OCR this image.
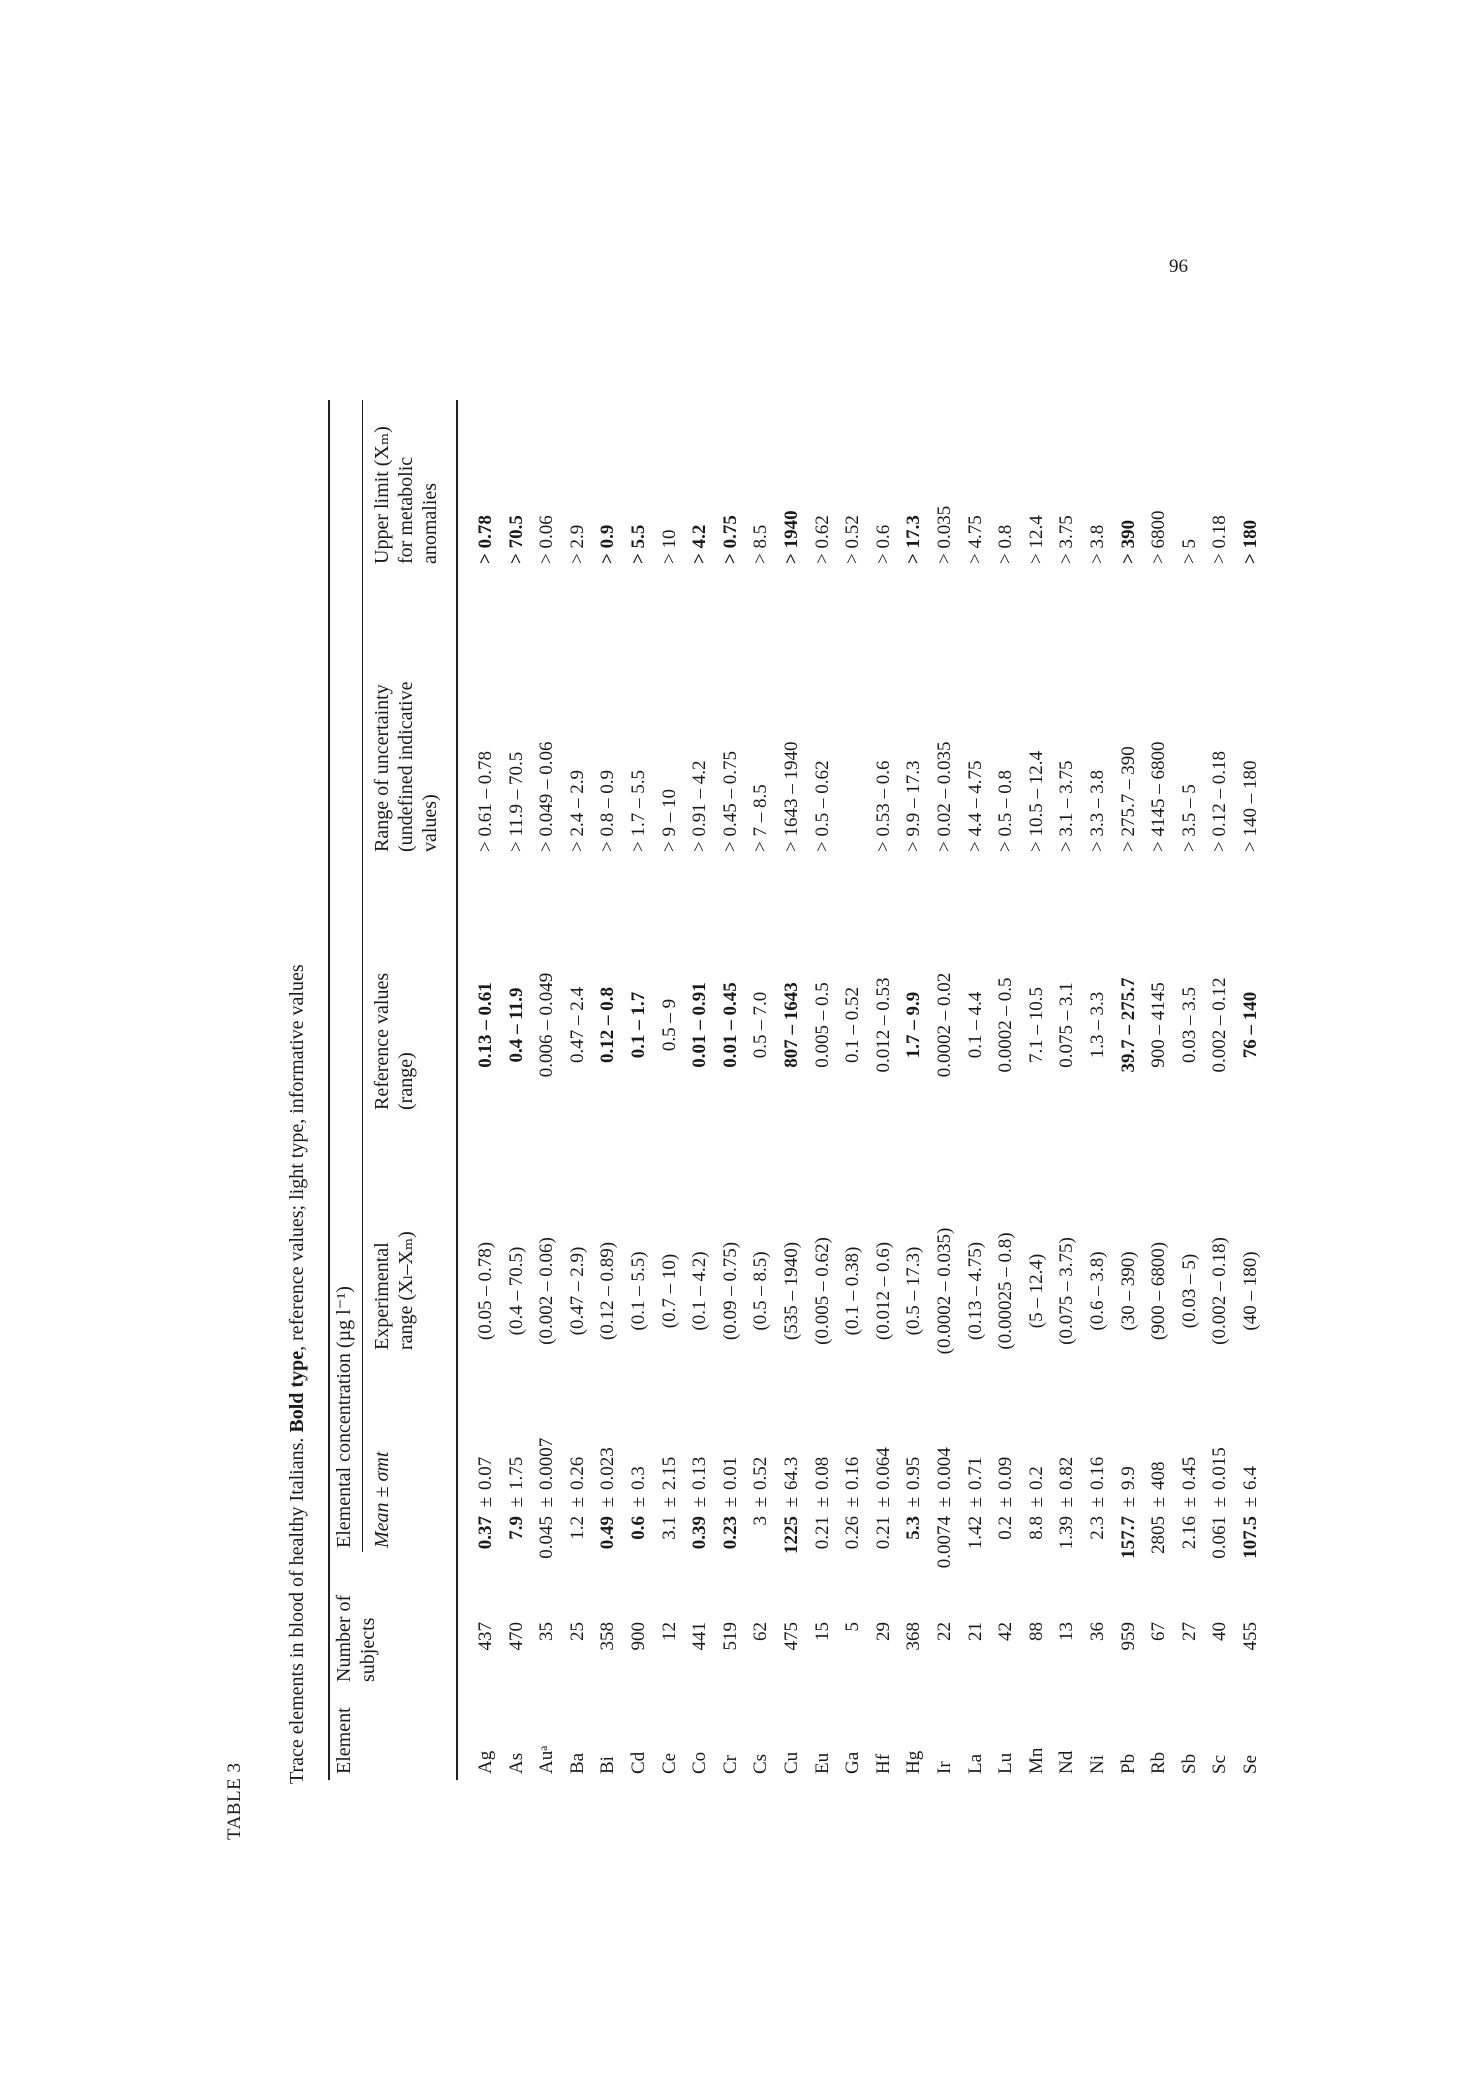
96
TABLE 3
Trace elements in blood of healthy Italians. Bold type, reference values; light type, informative values
Element
Number of subjects
Elemental concentration (µg l⁻¹) Mean ± σmt
Experimental range (Xₗ–Xₘ)
Reference values (range)
Range of uncertainty (undefined indicative values)
Upper limit (Xₘ) for metabolic anomalies
Ag
437
0.37
±
0.07
(0.05 – 0.78)
0.13 – 0.61
> 0.61 – 0.78
> 0.78
As
470
7.9
±
1.75
(0.4 – 70.5)
0.4 – 11.9
> 11.9 – 70.5
> 70.5
Auᵃ
35
0.045
±
0.0007
(0.002 – 0.06)
0.006 – 0.049
> 0.049 – 0.06
> 0.06
Ba
25
1.2
±
0.26
(0.47 – 2.9)
0.47 – 2.4
> 2.4 – 2.9
> 2.9
Bi
358
0.49
±
0.023
(0.12 – 0.89)
0.12 – 0.8
> 0.8 – 0.9
> 0.9
Cd
900
0.6
±
0.3
(0.1 – 5.5)
0.1 – 1.7
> 1.7 – 5.5
> 5.5
Ce
12
3.1
±
2.15
(0.7 – 10)
0.5 – 9
> 9 – 10
> 10
Co
441
0.39
±
0.13
(0.1 – 4.2)
0.01 – 0.91
> 0.91 – 4.2
> 4.2
Cr
519
0.23
±
0.01
(0.09 – 0.75)
0.01 – 0.45
> 0.45 – 0.75
> 0.75
Cs
62
3
±
0.52
(0.5 – 8.5)
0.5 – 7.0
> 7 – 8.5
> 8.5
Cu
475
1225
±
64.3
(535 – 1940)
807 – 1643
> 1643 – 1940
> 1940
Eu
15
0.21
±
0.08
(0.005 – 0.62)
0.005 – 0.5
> 0.5 – 0.62
> 0.62
Ga
5
0.26
±
0.16
(0.1 – 0.38)
0.1 – 0.52
> 0.52
Hf
29
0.21
±
0.064
(0.012 – 0.6)
0.012 – 0.53
> 0.53 – 0.6
> 0.6
Hg
368
5.3
±
0.95
(0.5 – 17.3)
1.7 – 9.9
> 9.9 – 17.3
> 17.3
Ir
22
0.0074
±
0.004
(0.0002 – 0.035)
0.0002 – 0.02
> 0.02 – 0.035
> 0.035
La
21
1.42
±
0.71
(0.13 – 4.75)
0.1 – 4.4
> 4.4 – 4.75
> 4.75
Lu
42
0.2
±
0.09
(0.00025 – 0.8)
0.0002 – 0.5
> 0.5 – 0.8
> 0.8
Mn
88
8.8
±
0.2
(5 – 12.4)
7.1 – 10.5
> 10.5 – 12.4
> 12.4
Nd
13
1.39
±
0.82
(0.075 – 3.75)
0.075 – 3.1
> 3.1 – 3.75
> 3.75
Ni
36
2.3
±
0.16
(0.6 – 3.8)
1.3 – 3.3
> 3.3 – 3.8
> 3.8
Pb
959
157.7
±
9.9
(30 – 390)
39.7 – 275.7
> 275.7 – 390
> 390
Rb
67
2805
±
408
(900 – 6800)
900 – 4145
> 4145 – 6800
> 6800
Sb
27
2.16
±
0.45
(0.03 – 5)
0.03 – 3.5
> 3.5 – 5
> 5
Sc
40
0.061
±
0.015
(0.002 – 0.18)
0.002 – 0.12
> 0.12 – 0.18
> 0.18
Se
455
107.5
±
6.4
(40 – 180)
76 – 140
> 140 – 180
> 180
